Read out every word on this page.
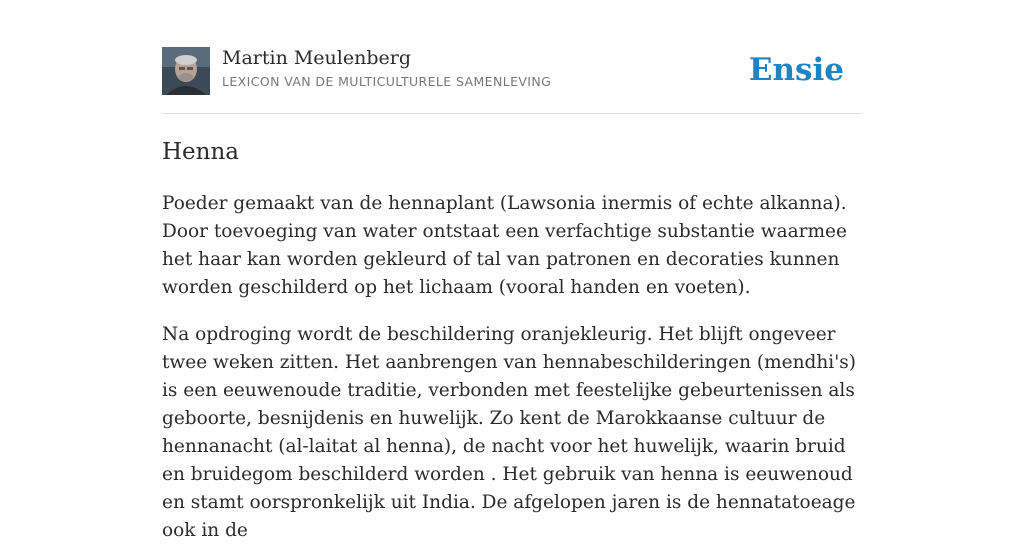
Martin Meulenberg
LEXICON VAN DE MULTICULTURELE SAMENLEVING	Ensie
Henna

Poeder gemaakt van de hennaplant (Lawsonia inermis of echte alkanna). Door toevoeging van water ontstaat een verfachtige substantie waarmee het haar kan worden gekleurd of tal van patronen en decoraties kunnen worden geschilderd op het lichaam (vooral handen en voeten).

Na opdroging wordt de beschildering oranjekleurig. Het blijft ongeveer twee weken zitten. Het aanbrengen van hennabeschilderingen (mendhi's) is een eeuwenoude traditie, verbonden met feestelijke gebeurtenissen als geboorte, besnijdenis en huwelijk. Zo kent de Marokkaanse cultuur de hennanacht (al-laitat al henna), de nacht voor het huwelijk, waarin bruid en bruidegom beschilderd worden . Het gebruik van henna is eeuwenoud en stamt oorspronkelijk uit India. De afgelopen jaren is de hennatatoeage ook in de
